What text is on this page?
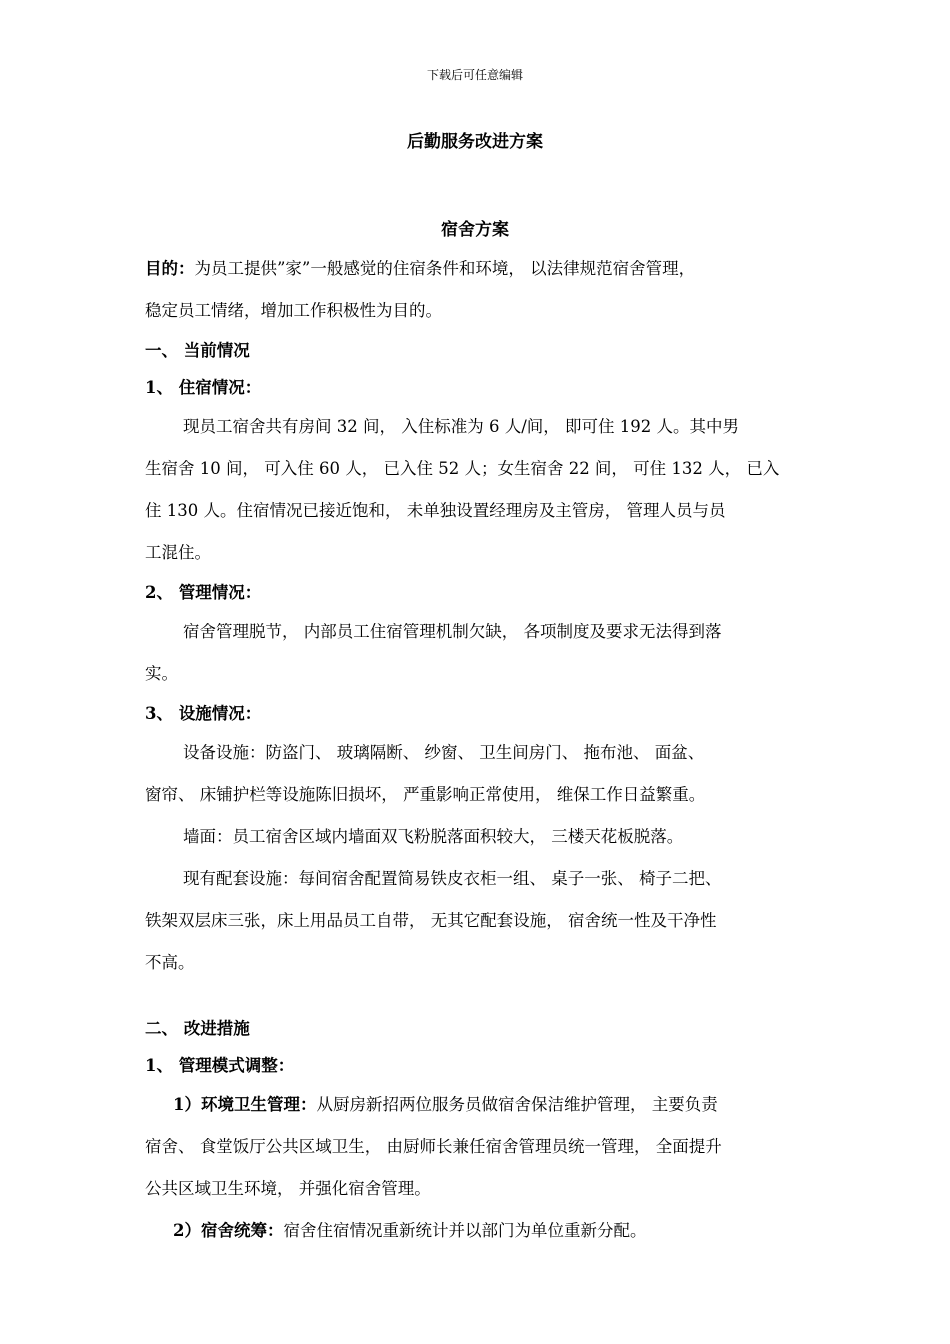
下载后可任意编辑
后勤服务改进方案
宿舍方案
目的：为员工提供”家”一般感觉的住宿条件和环境， 以法律规范宿舍管理，
稳定员工情绪，增加工作积极性为目的。
一、 当前情况
1、 住宿情况：
现员工宿舍共有房间 32 间， 入住标准为 6 人/间， 即可住 192 人。其中男
生宿舍 10 间， 可入住 60 人， 已入住 52 人；女生宿舍 22 间， 可住 132 人， 已入
住 130 人。住宿情况已接近饱和， 未单独设置经理房及主管房， 管理人员与员
工混住。
2、 管理情况：
宿舍管理脱节， 内部员工住宿管理机制欠缺， 各项制度及要求无法得到落
实。
3、 设施情况：
设备设施：防盗门、 玻璃隔断、 纱窗、 卫生间房门、 拖布池、 面盆、
窗帘、 床铺护栏等设施陈旧损坏， 严重影响正常使用， 维保工作日益繁重。
墙面：员工宿舍区域内墙面双飞粉脱落面积较大， 三楼天花板脱落。
现有配套设施：每间宿舍配置简易铁皮衣柜一组、 桌子一张、 椅子二把、
铁架双层床三张，床上用品员工自带， 无其它配套设施， 宿舍统一性及干净性
不高。
二、 改进措施
1、 管理模式调整：
1）环境卫生管理：从厨房新招两位服务员做宿舍保洁维护管理， 主要负责
宿舍、 食堂饭厅公共区域卫生， 由厨师长兼任宿舍管理员统一管理， 全面提升
公共区域卫生环境， 并强化宿舍管理。
2）宿舍统筹：宿舍住宿情况重新统计并以部门为单位重新分配。
